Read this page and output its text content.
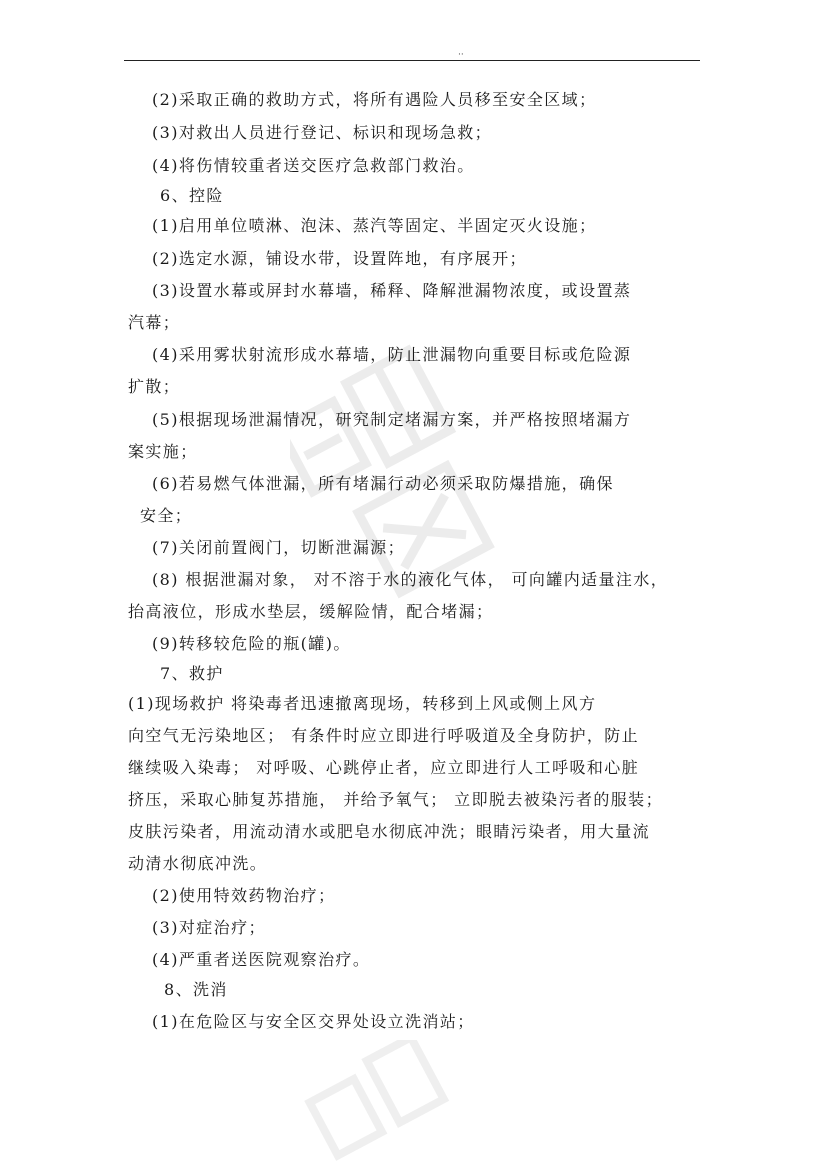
··
(2)采取正确的救助方式，将所有遇险人员移至安全区域；
(3)对救出人员进行登记、标识和现场急救；
(4)将伤情较重者送交医疗急救部门救治。
6、控险
(1)启用单位喷淋、泡沫、蒸汽等固定、半固定灭火设施；
(2)选定水源，铺设水带，设置阵地，有序展开；
(3)设置水幕或屏封水幕墙，稀释、降解泄漏物浓度，或设置蒸
汽幕；
(4)采用雾状射流形成水幕墙，防止泄漏物向重要目标或危险源
扩散；
(5)根据现场泄漏情况，研究制定堵漏方案，并严格按照堵漏方
案实施；
(6)若易燃气体泄漏，所有堵漏行动必须采取防爆措施，确保
安全；
(7)关闭前置阀门，切断泄漏源；
(8) 根据泄漏对象， 对不溶于水的液化气体， 可向罐内适量注水，
抬高液位，形成水垫层，缓解险情，配合堵漏；
(9)转移较危险的瓶(罐)。
7、救护
(1)现场救护 将染毒者迅速撤离现场，转移到上风或侧上风方
向空气无污染地区； 有条件时应立即进行呼吸道及全身防护，防止
继续吸入染毒； 对呼吸、心跳停止者，应立即进行人工呼吸和心脏
挤压，采取心肺复苏措施， 并给予氧气； 立即脱去被染污者的服装；
皮肤污染者，用流动清水或肥皂水彻底冲洗；眼睛污染者，用大量流
动清水彻底冲洗。
(2)使用特效药物治疗；
(3)对症治疗；
(4)严重者送医院观察治疗。
8、洗消
(1)在危险区与安全区交界处设立洗消站；
